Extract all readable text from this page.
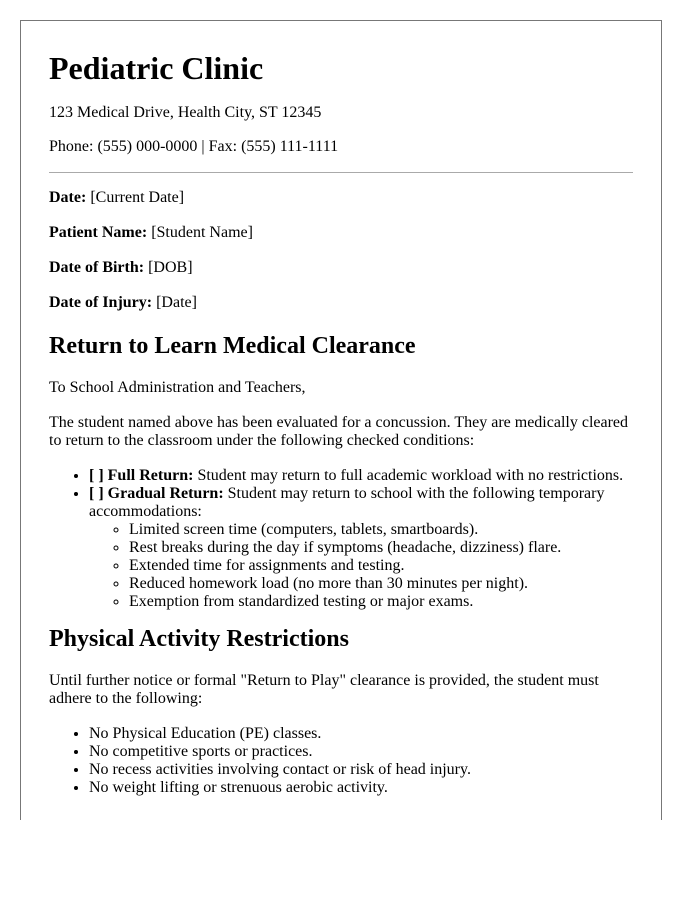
Pediatric Clinic

123 Medical Drive, Health City, ST 12345

Phone: (555) 000-0000 | Fax: (555) 111-1111

Date: [Current Date]

Patient Name: [Student Name]

Date of Birth: [DOB]

Date of Injury: [Date]

Return to Learn Medical Clearance

To School Administration and Teachers,

The student named above has been evaluated for a concussion. They are medically cleared to return to the classroom under the following checked conditions:

• [ ] Full Return: Student may return to full academic workload with no restrictions.
• [ ] Gradual Return: Student may return to school with the following temporary accommodations:
◦ Limited screen time (computers, tablets, smartboards).
◦ Rest breaks during the day if symptoms (headache, dizziness) flare.
◦ Extended time for assignments and testing.
◦ Reduced homework load (no more than 30 minutes per night).
◦ Exemption from standardized testing or major exams.
Physical Activity Restrictions

Until further notice or formal "Return to Play" clearance is provided, the student must adhere to the following:

• No Physical Education (PE) classes.
• No competitive sports or practices.
• No recess activities involving contact or risk of head injury.
• No weight lifting or strenuous aerobic activity.
